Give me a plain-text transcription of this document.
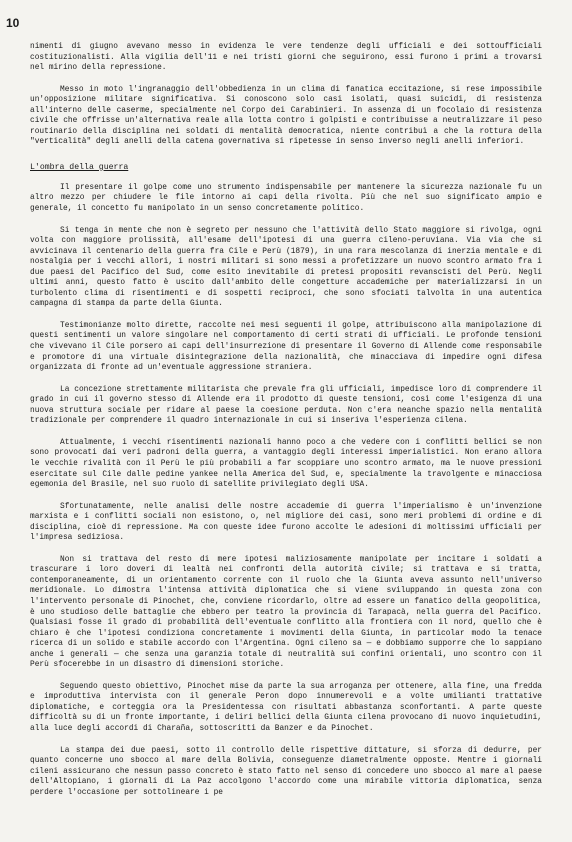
10

nimenti di giugno avevano messo in evidenza le vere tendenze degli ufficiali e dei sottoufficiali costituzionalisti. Alla vigilia dell'11 e nei tristi giorni che seguirono, essi furono i primi a trovarsi nel mirino della repressione.

Messo in moto l'ingranaggio dell'obbedienza in un clima di fanatica eccitazione, si rese impossibile un'opposizione militare significativa. Si conoscono solo casi isolati, quasi suicidi, di resistenza all'interno delle caserme, specialmente nel Corpo dei Carabinieri. In assenza di un focolaio di resistenza civile che offrisse un'alternativa reale alla lotta contro i golpisti e contribuisse a neutralizzare il peso routinario della disciplina nei soldati di mentalità democratica, niente contribuì a che la rottura della "verticalità" degli anelli della catena governativa si ripetesse in senso inverso negli anelli inferiori.

L'ombra della guerra

Il presentare il golpe come uno strumento indispensabile per mantenere la sicurezza nazionale fu un altro mezzo per chiudere le file intorno ai capi della rivolta. Più che nel suo significato ampio e generale, il concetto fu manipolato in un senso concretamente politico.

Si tenga in mente che non è segreto per nessuno che l'attività dello Stato maggiore si rivolga, ogni volta con maggiore prolissità, all'esame dell'ipotesi di una guerra cileno-peruviana. Via via che si avvicinava il centenario della guerra fra Cile e Perù (1879), in una rara mescolanza di inerzia mentale e di nostalgia per i vecchi allori, i nostri militari si sono messi a profetizzare un nuovo scontro armato fra i due paesi del Pacifico del Sud, come esito inevitabile di pretesi propositi revanscisti del Perù. Negli ultimi anni, questo fatto è uscito dall'ambito delle congetture accademiche per materializzarsi in un turbolento clima di risentimenti e di sospetti reciproci, che sono sfociati talvolta in una autentica campagna di stampa da parte della Giunta.

Testimonianze molto dirette, raccolte nei mesi seguenti il golpe, attribuiscono alla manipolazione di questi sentimenti un valore singolare nel comportamento di certi strati di ufficiali. Le profonde tensioni che vivevano il Cile porsero ai capi dell'insurrezione di presentare il Governo di Allende come responsabile e promotore di una virtuale disintegrazione della nazionalità, che minacciava di impedire ogni difesa organizzata di fronte ad un'eventuale aggressione straniera.

La concezione strettamente militarista che prevale fra gli ufficiali, impedisce loro di comprendere il grado in cui il governo stesso di Allende era il prodotto di queste tensioni, così come l'esigenza di una nuova struttura sociale per ridare al paese la coesione perduta. Non c'era neanche spazio nella mentalità tradizionale per comprendere il quadro internazionale in cui si inseriva l'esperienza cilena.

Attualmente, i vecchi risentimenti nazionali hanno poco a che vedere con i conflitti bellici se non sono provocati dai veri padroni della guerra, a vantaggio degli interessi imperialistici. Non erano allora le vecchie rivalità con il Perù le più probabili a far scoppiare uno scontro armato, ma le nuove pressioni esercitate sul Cile dalle pedine yankee nella America del Sud, e, specialmente la travolgente e minacciosa egemonia del Brasile, nel suo ruolo di satellite privilegiato degli USA.

Sfortunatamente, nelle analisi delle nostre accademie di guerra l'imperialismo è un'invenzione marxista e i conflitti sociali non esistono, o, nel migliore dei casi, sono meri problemi di ordine e di disciplina, cioè di repressione. Ma con queste idee furono accolte le adesioni di moltissimi ufficiali per l'impresa sediziosa.

Non si trattava del resto di mere ipotesi maliziosamente manipolate per incitare i soldati a trascurare i loro doveri di lealtà nei confronti della autorità civile; si trattava e si tratta, contemporaneamente, di un orientamento corrente con il ruolo che la Giunta aveva assunto nell'universo meridionale. Lo dimostra l'intensa attività diplomatica che si viene sviluppando in questa zona con l'intervento personale di Pinochet, che, conviene ricordarlo, oltre ad essere un fanatico della geopolitica, è uno studioso delle battaglie che ebbero per teatro la provincia di Tarapacà, nella guerra del Pacifico. Qualsiasi fosse il grado di probabilità dell'eventuale conflitto alla frontiera con il nord, quello che è chiaro è che l'ipotesi condiziona concretamente i movimenti della Giunta, in particolar modo la tenace ricerca di un solido e stabile accordo con l'Argentina. Ogni cileno sa — e dobbiamo supporre che lo sappiano anche i generali — che senza una garanzia totale di neutralità sui confini orientali, uno scontro con il Perù sfocerebbe in un disastro di dimensioni storiche.

Seguendo questo obiettivo, Pinochet mise da parte la sua arroganza per ottenere, alla fine, una fredda e improduttiva intervista con il generale Peron dopo innumerevoli e a volte umilianti trattative diplomatiche, e corteggia ora la Presidentessa con risultati abbastanza sconfortanti. A parte queste difficoltà su di un fronte importante, i deliri bellici della Giunta cilena provocano di nuovo inquietudini, alla luce degli accordi di Charaña, sottoscritti da Banzer e da Pinochet.

La stampa dei due paesi, sotto il controllo delle rispettive dittature, si sforza di dedurre, per quanto concerne uno sbocco al mare della Bolivia, conseguenze diametralmente opposte. Mentre i giornali cileni assicurano che nessun passo concreto è stato fatto nel senso di concedere uno sbocco al mare al paese dell'Altopiano, i giornali di La Paz accolgono l'accordo come una mirabile vittoria diplomatica, senza perdere l'occasione per sottolineare i pe
